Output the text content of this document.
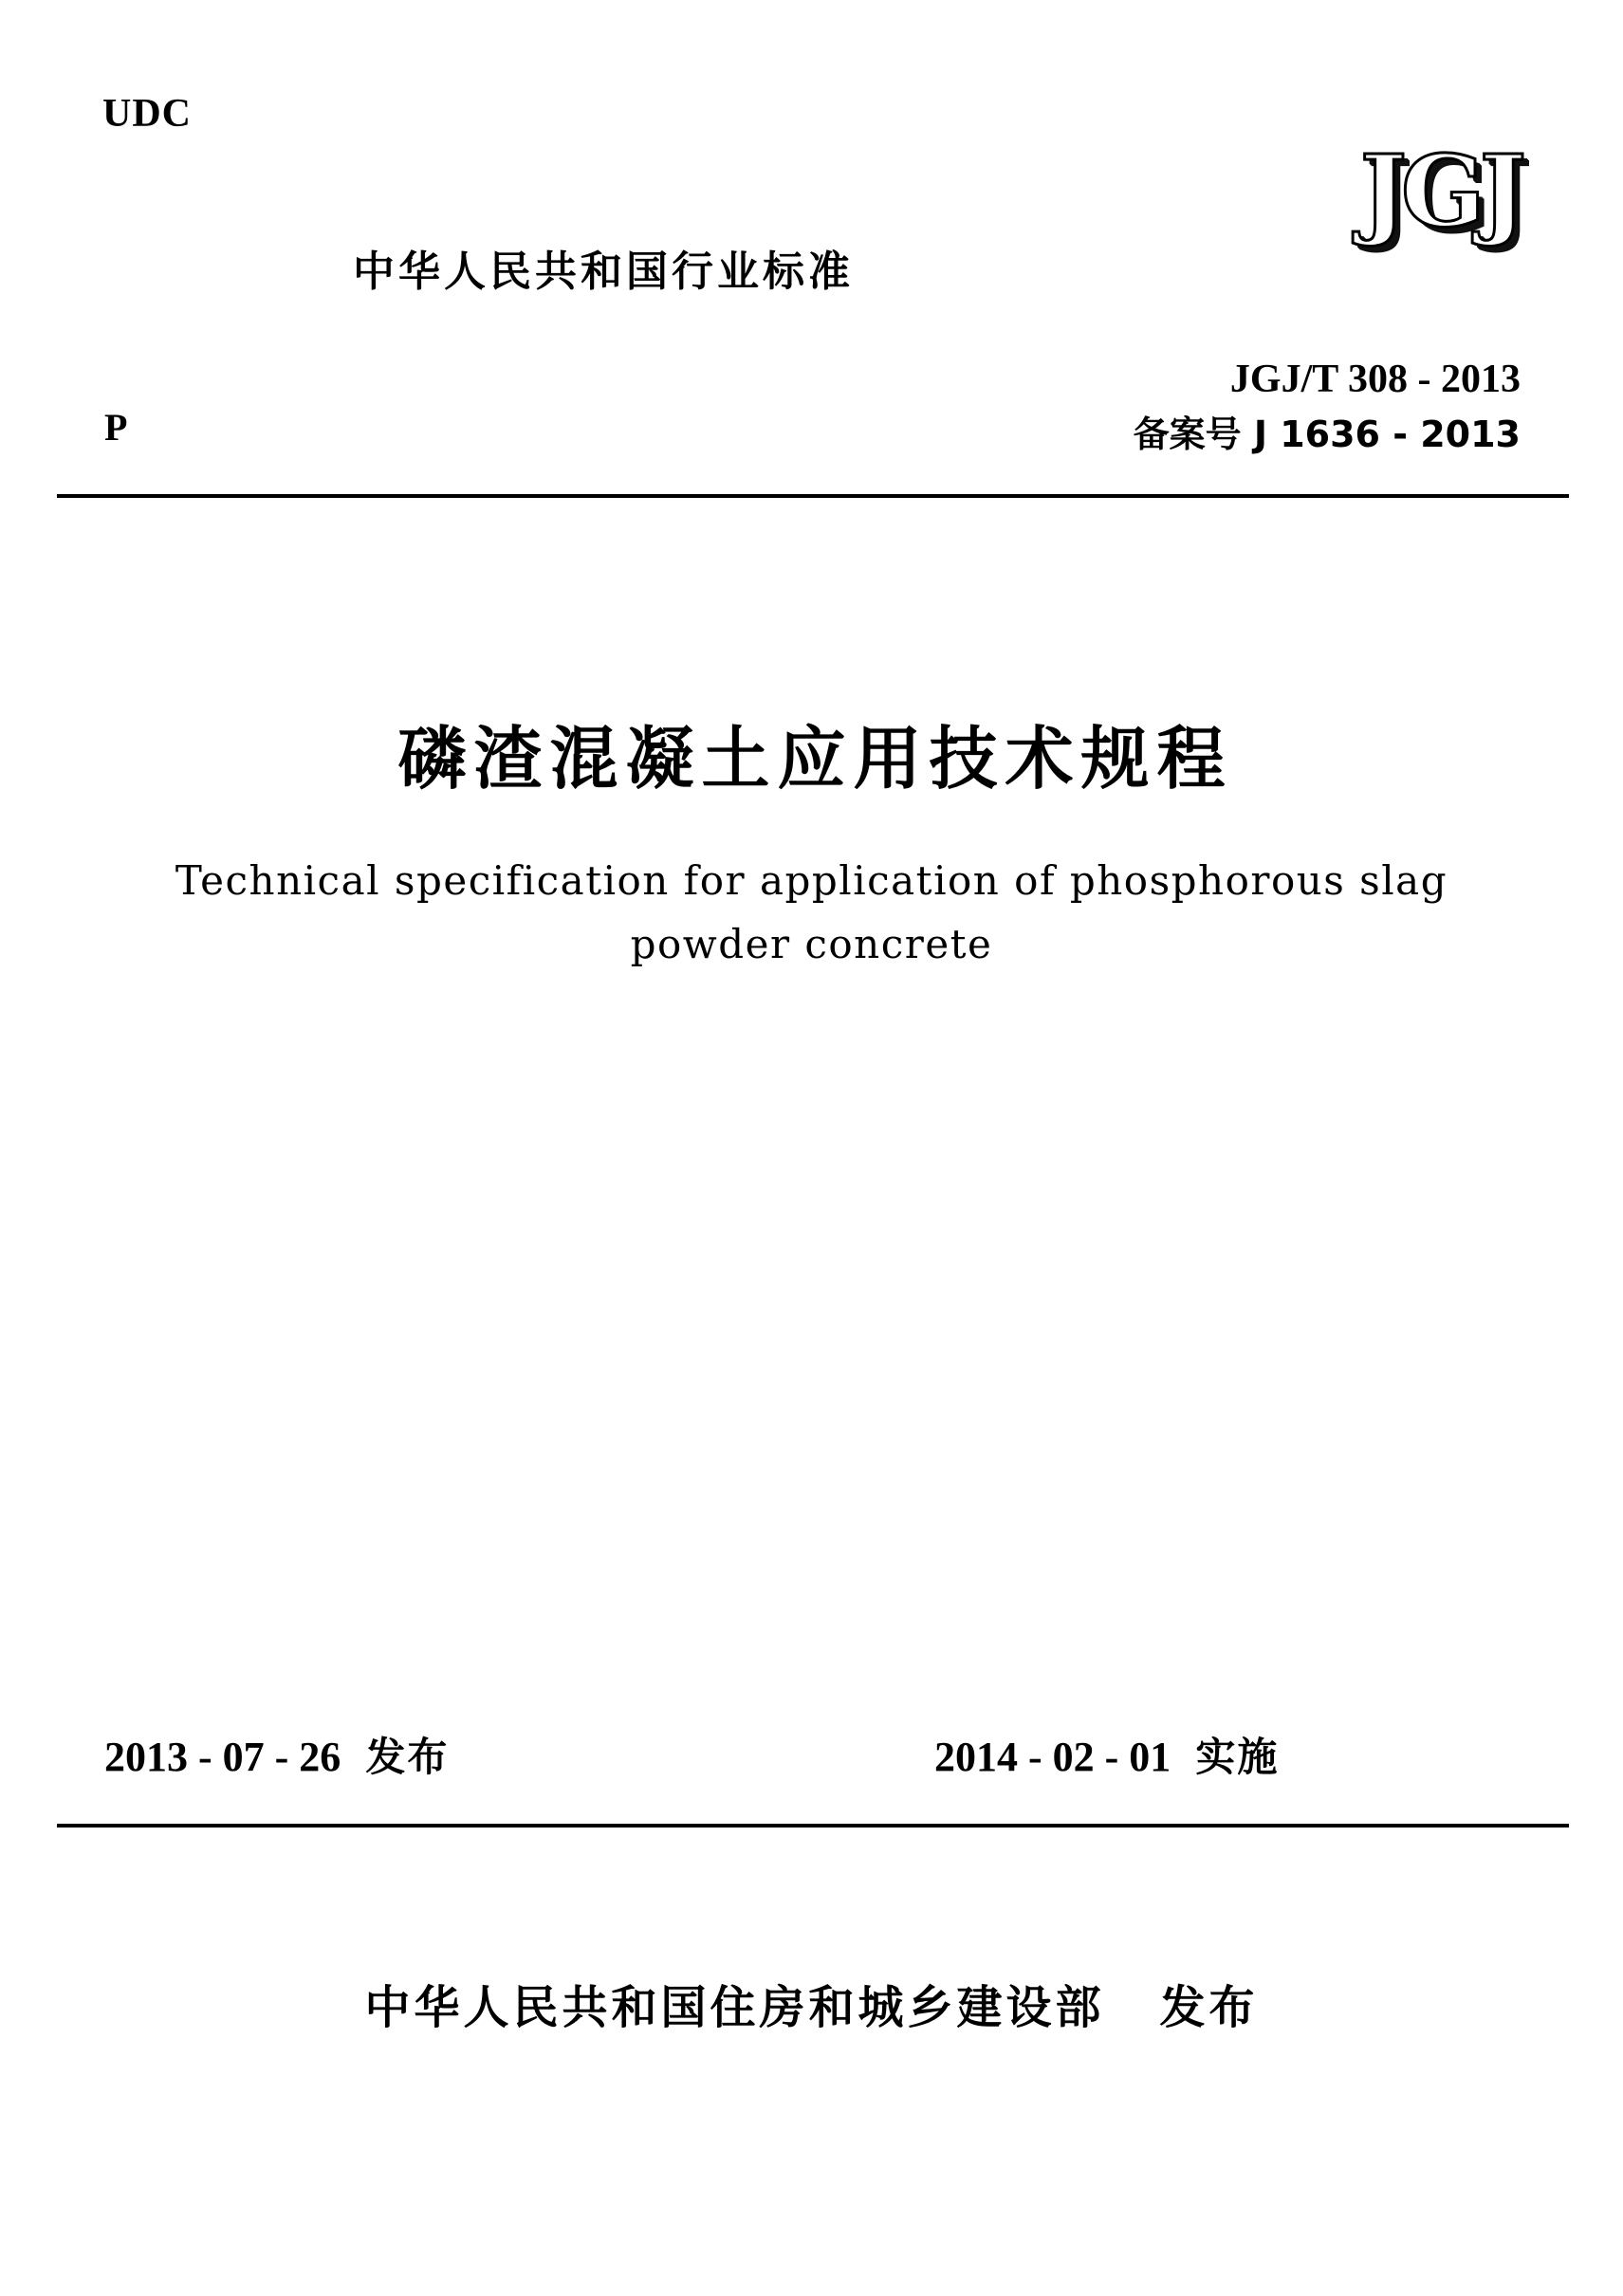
UDC
中华人民共和国行业标准
JGJ
JGJ/T 308 - 2013
备案号 J 1636 - 2013
P
磷渣混凝土应用技术规程
Technical specification for application of phosphorous slag
powder concrete
2013 - 07 - 26 发布	2014 - 02 - 01 实施
中华人民共和国住房和城乡建设部 发布
